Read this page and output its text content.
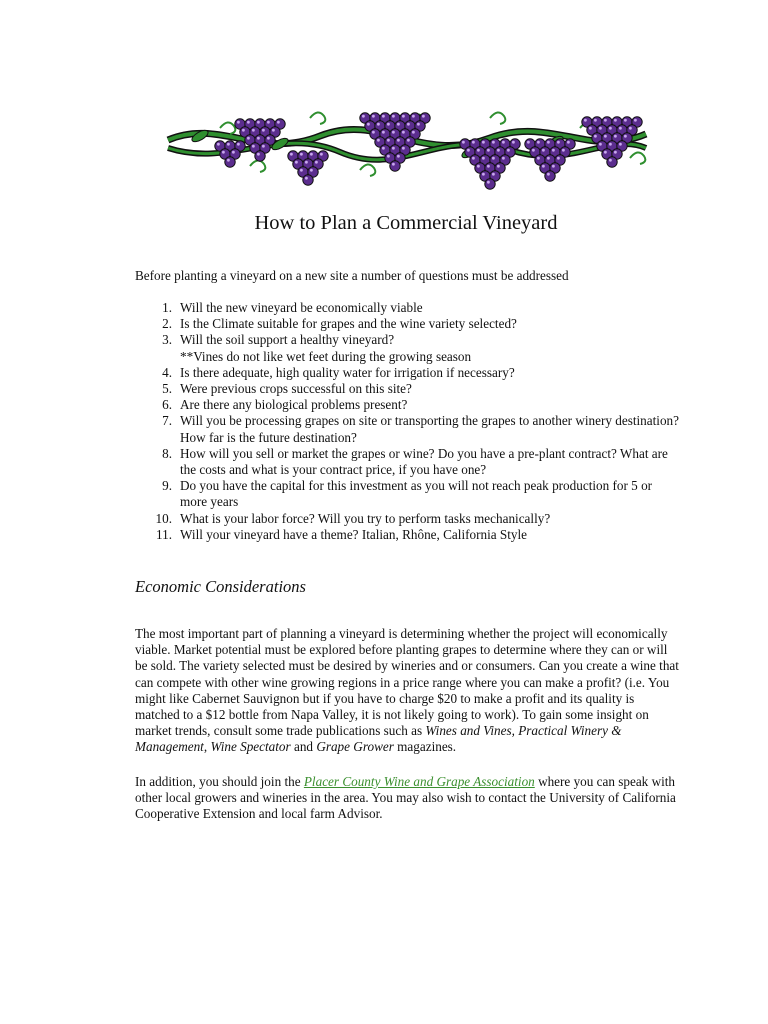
How to Plan a Commercial Vineyard

Before planting a vineyard on a new site a number of questions must be addressed

1. Will the new vineyard be economically viable
2. Is the Climate suitable for grapes and the wine variety selected?
3. Will the soil support a healthy vineyard?
**Vines do not like wet feet during the growing season
4. Is there adequate, high quality water for irrigation if necessary?
5. Were previous crops successful on this site?
6. Are there any biological problems present?
7. Will you be processing grapes on site or transporting the grapes to another winery destination? How far is the future destination?
8. How will you sell or market the grapes or wine? Do you have a pre-plant contract? What are the costs and what is your contract price, if you have one?
9. Do you have the capital for this investment as you will not reach peak production for 5 or more years
10. What is your labor force? Will you try to perform tasks mechanically?
11. Will your vineyard have a theme? Italian, Rhône, California Style
Economic Considerations

The most important part of planning a vineyard is determining whether the project will economically viable. Market potential must be explored before planting grapes to determine where they can or will be sold. The variety selected must be desired by wineries and or consumers. Can you create a wine that can compete with other wine growing regions in a price range where you can make a profit? (i.e. You might like Cabernet Sauvignon but if you have to charge $20 to make a profit and its quality is matched to a $12 bottle from Napa Valley, it is not likely going to work). To gain some insight on market trends, consult some trade publications such as Wines and Vines, Practical Winery & Management, Wine Spectator and Grape Grower magazines.

In addition, you should join the Placer County Wine and Grape Association where you can speak with other local growers and wineries in the area. You may also wish to contact the University of California Cooperative Extension and local farm Advisor.
